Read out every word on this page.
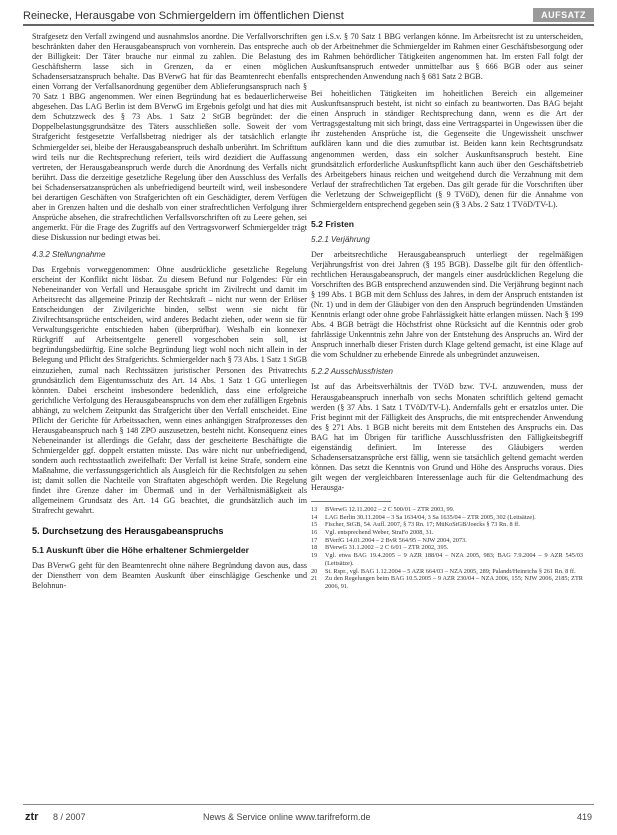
Reinecke, Herausgabe von Schmiergeldern im öffentlichen Dienst	AUFSATZ

Strafgesetz den Verfall zwingend und ausnahmslos anordne. Die Verfallvorschriften beschränkten daher den Herausgabeanspruch von vornherein. Das entspreche auch der Billigkeit: Der Täter brauche nur einmal zu zahlen. Die Belastung des Geschäftsherrn lasse sich in Grenzen, da er einen möglichen Schadensersatzanspruch behalte. Das BVerwG hat für das Beamtenrecht ebenfalls einen Vorrang der Verfallsanordnung gegenüber dem Ablieferungsanspruch nach § 70 Satz 1 BBG angenommen. Wer einen Begründung hat es bedauerlicherweise abgesehen. Das LAG Berlin ist dem BVerwG im Ergebnis gefolgt und hat dies mit dem Schutzzweck des § 73 Abs. 1 Satz 2 StGB begründet: der die Doppelbelastungsgrundsätze des Täters ausschließen solle. Soweit der vom Strafgericht festgesetzte Verfallsbetrag niedriger als der tatsächlich erlangte Schmiergelder sei, bleibe der Herausgabeanspruch deshalb unberührt. Im Schrifttum wird teils nur die Rechtsprechung referiert, teils wird dezidiert die Auffassung vertreten, der Herausgabeanspruch werde durch die Anordnung des Verfalls nicht berührt. Dass die derzeitige gesetzliche Regelung über den Ausschluss des Verfalls bei Schadensersatzansprüchen als unbefriedigend beurteilt wird, weil insbesondere bei derartigen Geschäften von Strafgerichten oft ein Geschädigter, derem Verfügen aber in Grenzen halten und die deshalb von einer strafrechtlichen Verfolgung ihrer Ansprüche absehen, die strafrechtlichen Verfallsvorschriften oft zu Leere gehen, sei angemerkt. Für die Frage des Zugriffs auf den Vertragsvorwerf Schmiergelder trägt diese Diskussion nur bedingt etwas bei.

4.3.2 Stellungnahme

Das Ergebnis vorweggenommen: Ohne ausdrückliche gesetzliche Regelung erscheint der Konflikt nicht lösbar. Zu diesem Befund nur Folgendes: Für ein Nebeneinander von Verfall und Herausgabe spricht im Zivilrecht und damit im Arbeitsrecht das allgemeine Prinzip der Rechtskraft – nicht nur wenn der Erlöser Entscheidungen der Zivilgerichte binden, selbst wenn sie nicht für Zivilrechtsansprüche entscheiden, wird anderes Bedacht ziehen, oder wenn sie für Verwaltungsgerichte entschieden haben (überprüfbar). Weshalb ein konnexer Rückgriff auf Arbeitsentgelte generell vorgeschoben sein soll, ist begründungsbedürftig. Eine solche Begründung liegt wohl noch nicht allein in der Belegung und Pflicht des Strafgerichts. Schmiergelder nach § 73 Abs. 1 Satz 1 StGB einzuziehen, zumal nach Rechtssätzen juristischer Personen des Privatrechts grundsätzlich dem Eigentumsschutz des Art. 14 Abs. 1 Satz 1 GG unterliegen könnten. Dabei erscheint insbesondere bedenklich, dass eine erfolgreiche gerichtliche Verfolgung des Herausgabeanspruchs von dem eher zufälligen Ergebnis abhängt, zu welchem Zeitpunkt das Strafgericht über den Verfall entscheidet. Eine Pflicht der Gerichte für Arbeitssachen, wenn eines anhängigen Strafprozesses den Herausgabeanspruch nach § 148 ZPO auszusetzen, besteht nicht. Konsequenz eines Nebeneinander ist allerdings die Gefahr, dass der gescheiterte Beschäftigte die Schmiergelder ggf. doppelt erstatten müsste. Das wäre nicht nur unbefriedigend, sondern auch rechtsstaatlich zweifelhaft: Der Verfall ist keine Strafe, sondern eine Maßnahme, die verfassungsgerichtlich als Ausgleich für die Rechtsfolgen zu sehen ist; damit sollen die Nachteile von Straftaten abgeschöpft werden. Die Regelung findet ihre Grenze daher im Übermaß und in der Verhältnismäßigkeit als allgemeinem Grundsatz des Art. 14 GG beachtet, die grundsätzlich auch im Strafrecht gewahrt.

5. Durchsetzung des Herausgabeanspruchs
5.1 Auskunft über die Höhe erhaltener Schmiergelder

Das BVerwG geht für den Beamtenrecht ohne nähere Begründung davon aus, dass der Dienstherr von dem Beamten Auskunft über einschlägige Geschenke und Belohnun-

gen i.S.v. § 70 Satz 1 BBG verlangen könne. Im Arbeitsrecht ist zu unterscheiden, ob der Arbeitnehmer die Schmiergelder im Rahmen einer Geschäftsbesorgung oder im Rahmen behördlicher Tätigkeiten angenommen hat. Im ersten Fall folgt der Auskunftsanspruch entweder unmittelbar aus § 666 BGB oder aus seiner entsprechenden Anwendung nach § 681 Satz 2 BGB.

Bei hoheitlichen Tätigkeiten im hoheitlichen Bereich ein allgemeiner Auskunftsanspruch besteht, ist nicht so einfach zu beantworten. Das BAG bejaht einen Anspruch in ständiger Rechtsprechung dann, wenn es die Art der Vertragsgestaltung mit sich bringt, dass eine Vertragspartei in Ungewissen über die ihr zustehenden Ansprüche ist, die Gegenseite die Ungewissheit unschwer aufklären kann und die dies zumutbar ist. Beiden kann kein Rechtsgrundsatz angenommen werden, dass ein solcher Auskunftsanspruch besteht. Eine grundsätzlich erforderliche Auskunftspflicht kann auch über den Geschäftsbetrieb des Arbeitgebers hinaus reichen und weitgehend durch die Verzahnung mit dem Verlauf der strafrechtlichen Tat ergeben. Das gilt gerade für die Vorschriften über die Verletzung der Schweigepflicht (§ 9 TVöD), denen für die Annahme von Schmiergeldern entsprechend gegeben sein (§ 3 Abs. 2 Satz 1 TVöD/TV-L).

5.2 Fristen
5.2.1 Verjährung

Der arbeitsrechtliche Herausgabeanspruch unterliegt der regelmäßigen Verjährungsfrist von drei Jahren (§ 195 BGB). Dasselbe gilt für den öffentlich-rechtlichen Herausgabeanspruch, der mangels einer ausdrücklichen Regelung die Vorschriften des BGB entsprechend anzuwenden sind. Die Verjährung beginnt nach § 199 Abs. 1 BGB mit dem Schluss des Jahres, in dem der Anspruch entstanden ist (Nr. 1) und in dem der Gläubiger von den den Anspruch begründenden Umständen Kenntnis erlangt oder ohne grobe Fahrlässigkeit hätte erlangen müssen. Nach § 199 Abs. 4 BGB beträgt die Höchstfrist ohne Rücksicht auf die Kenntnis oder grob fahrlässige Unkenntnis zehn Jahre von der Entstehung des Anspruchs an. Wird der Anspruch innerhalb dieser Fristen durch Klage geltend gemacht, ist eine Klage auf die vom Schuldner zu erhebende Einrede als unbegründet anzuweisen.

5.2.2 Ausschlussfristen

Ist auf das Arbeitsverhältnis der TVöD bzw. TV-L anzuwenden, muss der Herausgabeanspruch innerhalb von sechs Monaten schriftlich geltend gemacht werden (§ 37 Abs. 1 Satz 1 TVöD/TV-L). Andernfalls geht er ersatzlos unter. Die Frist beginnt mit der Fälligkeit des Anspruchs, die mit entsprechender Anwendung des § 271 Abs. 1 BGB nicht bereits mit dem Entstehen des Anspruchs ein. Das BAG hat im Übrigen für tarifliche Ausschlussfristen den Fälligkeitsbegriff eigenständig definiert. Im Interesse des Gläubigers werden Schadensersatzansprüche erst fällig, wenn sie tatsächlich geltend gemacht werden können. Das setzt die Kenntnis von Grund und Höhe des Anspruchs voraus. Dies gilt wegen der vergleichbaren Interessenlage auch für die Geltendmachung des Herausga-

13	BVerwG 12.11.2002 – 2 C 500/01 – ZTR 2003, 99.
14	LAG Berlin 30.11.2004 – 3 Sa 1634/04, 3 Sa 1635/04 – ZTR 2005, 302 (Leitsätze).
15	Fischer, StGB, 54. Aufl. 2007, § 73 Rn. 17; MüKoStGB/Joecks § 73 Rn. 8 ff.
16	Vgl. entsprechend Weber, StraFo 2008, 31.
17	BVerfG 14.01.2004 – 2 BvR 564/95 – NJW 2004, 2073.
18	BVerwG 31.1.2002 – 2 C 6/01 – ZTR 2002, 395.
19	Vgl. etwa BAG 19.4.2005 – 9 AZR 188/04 – NZA 2005, 983; BAG 7.9.2004 – 9 AZR 545/03 (Leitsätze).
20	St. Rspr., vgl. BAG 1.12.2004 – 5 AZR 664/03 – NZA 2005, 289; Palandt/Heinrichs § 261 Rn. 8 ff.
21	Zu den Regelungen beim BAG 10.5.2005 – 9 AZR 230/04 – NZA 2006, 155; NJW 2006, 2185; ZTR 2006, 91.
ztr 8 / 2007	News & Service online www.tarifreform.de	419
